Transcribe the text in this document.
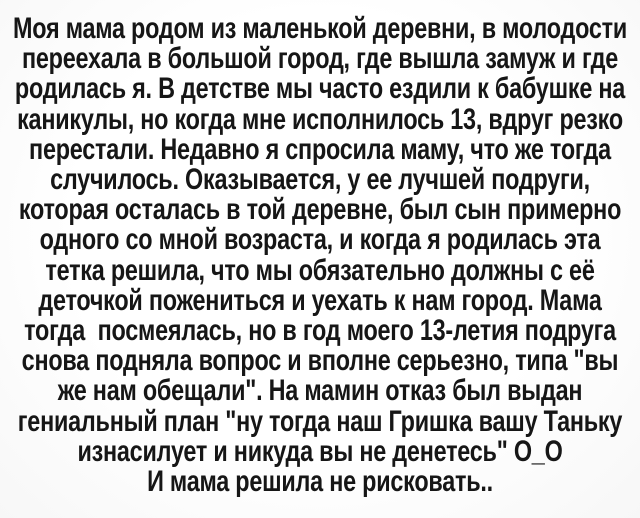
Моя мама родом из маленькой деревни, в молодости
переехала в большой город, где вышла замуж и где
родилась я. В детстве мы часто ездили к бабушке на
каникулы, но когда мне исполнилось 13, вдруг резко
перестали. Недавно я спросила маму, что же тогда
случилось. Оказывается, у ее лучшей подруги,
которая осталась в той деревне, был сын примерно
одного со мной возраста, и когда я родилась эта
тетка решила, что мы обязательно должны с её
деточкой пожениться и уехать к нам город. Мама
тогда  посмеялась, но в год моего 13-летия подруга
снова подняла вопрос и вполне серьезно, типа "вы
же нам обещали". На мамин отказ был выдан
гениальный план "ну тогда наш Гришка вашу Таньку
изнасилует и никуда вы не денетесь" О_О
И мама решила не рисковать..
